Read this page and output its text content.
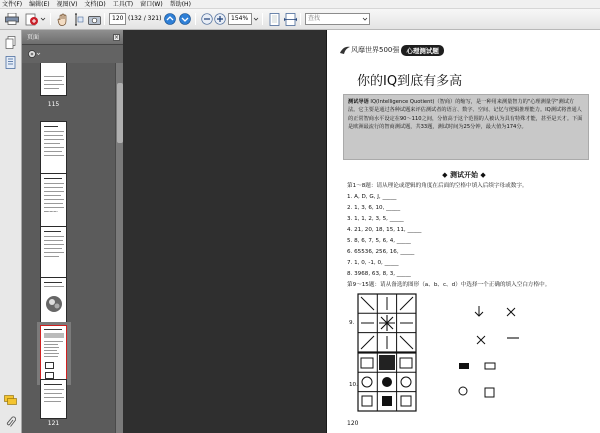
文件(F) 编辑(E) 视图(V) 文档(D) 工具(T) 窗口(W) 帮助(H)
120 (132 / 321)	154%	查找
页面	×
115
116
117
118
119
121
风靡世界500强	心理测试题
你的IQ到底有多高
测试导语 IQ(Intelligence Quotient)（智商）的缩写，是一种用来测量智力的"心理测量学"测试方法。它主要是通过各种试题来评估测试者的语言、数字、空间、记忆与逻辑推理能力。IQ测试将普通人的正常智商水平设定在90～110之间，分值高于这个范围的人被认为具有特殊才能，甚至是天才。下面是欧洲最流行的智商测试题，共33题，测试时间为25分钟，最大值为174分。
◆ 测试开始 ◆
第1～8题：请从理论或逻辑的角度在后面的空格中填入后续字母或数字。
1. A, D, G, J, _____
2. 1, 3, 6, 10, _____
3. 1, 1, 2, 3, 5, _____
4. 21, 20, 18, 15, 11, _____
5. 8, 6, 7, 5, 6, 4, _____
6. 65536, 256, 16, _____
7. 1, 0, -1, 0, _____
8. 3968, 63, 8, 3, _____
第9～15题：请从备选的图形（a、b、c、d）中选择一个正确的填入空白方格中。
9.
10.
120
